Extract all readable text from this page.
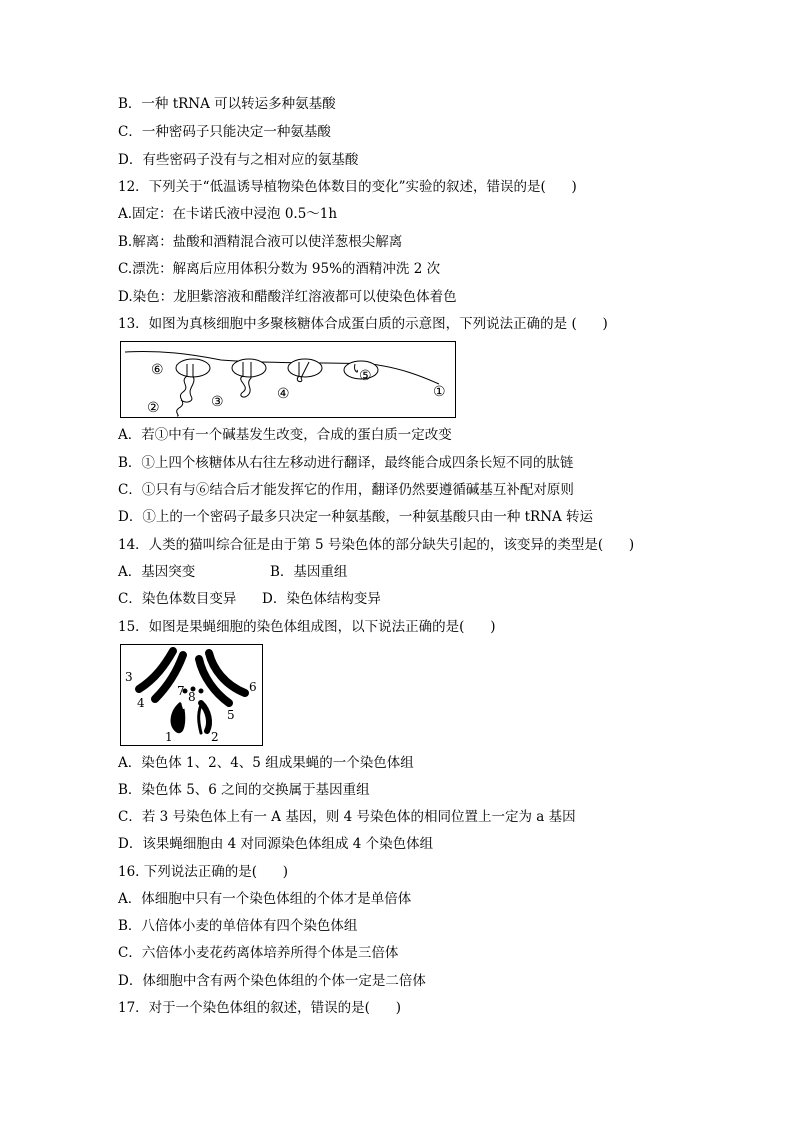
B．一种 tRNA 可以转运多种氨基酸
C．一种密码子只能决定一种氨基酸
D．有些密码子没有与之相对应的氨基酸
12．下列关于“低温诱导植物染色体数目的变化”实验的叙述，错误的是(      )
A.固定：在卡诺氏液中浸泡 0.5～1h
B.解离：盐酸和酒精混合液可以使洋葱根尖解离
C.漂洗：解离后应用体积分数为 95%的酒精冲洗 2 次
D.染色：龙胆紫溶液和醋酸洋红溶液都可以使染色体着色
13．如图为真核细胞中多聚核糖体合成蛋白质的示意图，下列说法正确的是 (      )
⑥
②	③	④
⑤
①
A．若①中有一个碱基发生改变，合成的蛋白质一定改变
B．①上四个核糖体从右往左移动进行翻译，最终能合成四条长短不同的肽链
C．①只有与⑥结合后才能发挥它的作用，翻译仍然要遵循碱基互补配对原则
D．①上的一个密码子最多只决定一种氨基酸，一种氨基酸只由一种 tRNA 转运
14．人类的猫叫综合征是由于第 5 号染色体的部分缺失引起的，该变异的类型是(      )
A．基因突变	B．基因重组
C．染色体数目变异 D．染色体结构变异
15．如图是果蝇细胞的染色体组成图，以下说法正确的是(      )
3
4
7 8
6
5
1	2
A．染色体 1、2、4、5 组成果蝇的一个染色体组
B．染色体 5、6 之间的交换属于基因重组
C．若 3 号染色体上有一 A 基因，则 4 号染色体的相同位置上一定为 a 基因
D．该果蝇细胞由 4 对同源染色体组成 4 个染色体组
16. 下列说法正确的是(      )
A．体细胞中只有一个染色体组的个体才是单倍体
B．八倍体小麦的单倍体有四个染色体组
C．六倍体小麦花药离体培养所得个体是三倍体
D．体细胞中含有两个染色体组的个体一定是二倍体
17．对于一个染色体组的叙述，错误的是(      )
